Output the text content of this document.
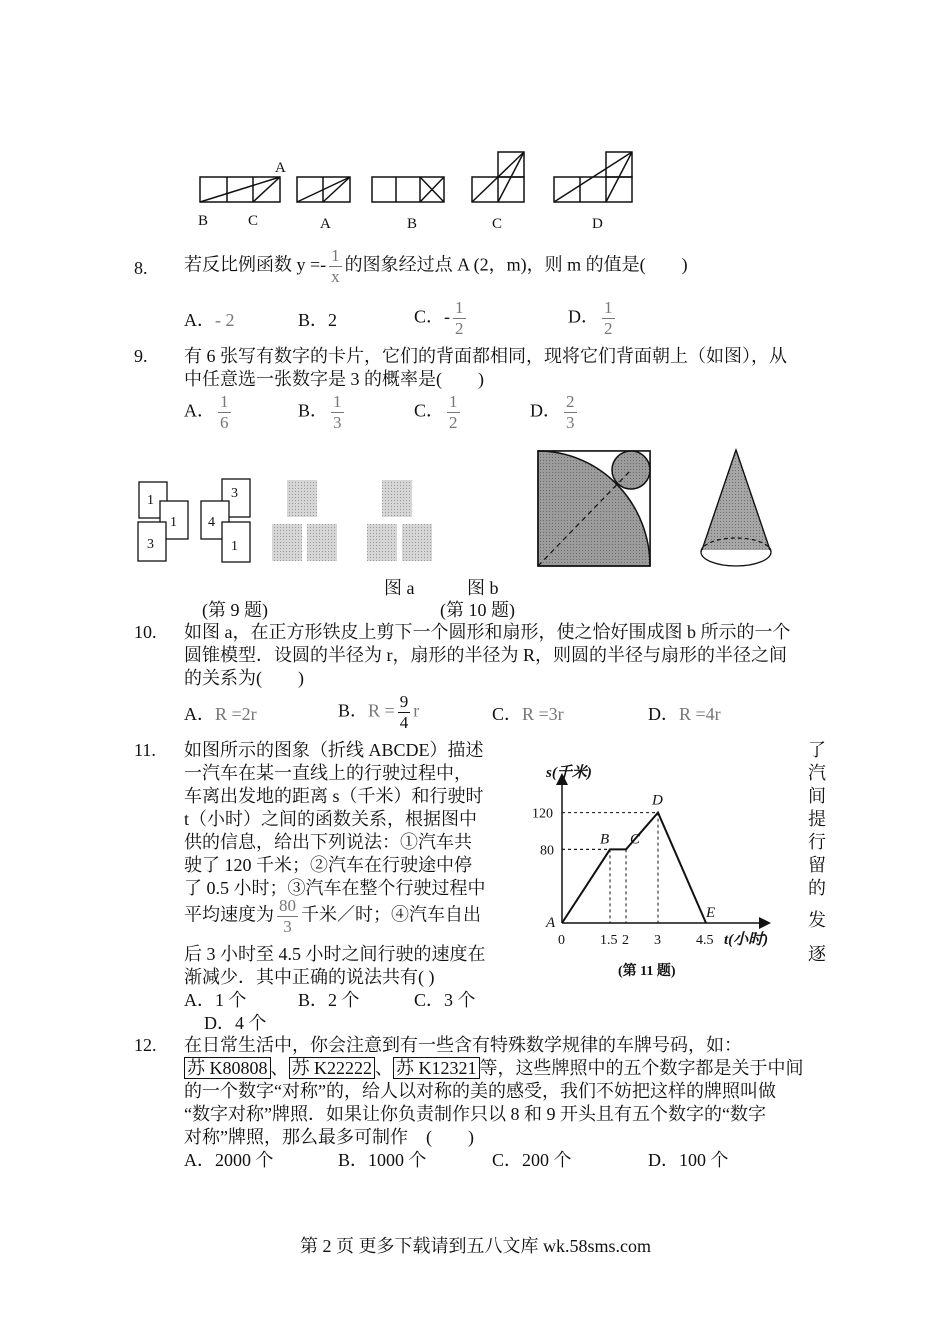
A
B	C	A	B	C	D
8. 若反比例函数 $y =- \frac{1}{x}$ 的图象经过点 A (2，m)，则 m 的值是(　　)
A．- 2	B．2	C．- $\frac{1}{2}$	D． $\frac{1}{2}$
9. 有 6 张写有数字的卡片，它们的背面都相同，现将它们背面朝上（如图），从
中任意选一张数字是 3 的概率是(　　)
A． $\frac{1}{6}$	B． $\frac{1}{3}$	C． $\frac{1}{2}$	D． $\frac{2}{3}$
1
1
3
3
4
1
图 a	图 b
(第 9 题)	(第 10 题)
10. 如图 a，在正方形铁皮上剪下一个圆形和扇形，使之恰好围成图 b 所示的一个
圆锥模型．设圆的半径为 r，扇形的半径为 R，则圆的半径与扇形的半径之间
的关系为(　　)
A．R =2r	B．$R = \frac{9}{4}$ r	C．R =3r	D．R =4r
11. 如图所示的图象（折线 ABCDE）描述
一汽车在某一直线上的行驶过程中，
车离出发地的距离 s（千米）和行驶时
t（小时）之间的函数关系，根据图中
供的信息，给出下列说法：①汽车共
驶了 120 千米；②汽车在行驶途中停
了 0.5 小时；③汽车在整个行驶过程中
平均速度为 $\frac{80}{3}$ 千米／时；④汽车自出
后 3 小时至 4.5 小时之间行驶的速度在
渐减少．其中正确的说法共有( )
A．1 个	B．2 个	C．3 个
D．4 个
了
汽
间
提
行
留
的
发
逐
s(千米)
t(小时)
A
B C
D
E
0	1.5 2 3	4.5
80
120
(第 11 题)
12. 在日常生活中，你会注意到有一些含有特殊数学规律的车牌号码，如：
苏 K80808 、 苏 K22222 、 苏 K12321 等，这些牌照中的五个数字都是关于中间
的一个数字“对称”的，给人以对称的美的感受，我们不妨把这样的牌照叫做
“数字对称”牌照．如果让你负责制作只以 8 和 9 开头且有五个数字的“数字
对称”牌照，那么最多可制作　(　　)
A．2000 个	B．1000 个	C．200 个	D．100 个
第 2 页 更多下载请到五八文库 wk.58sms.com
